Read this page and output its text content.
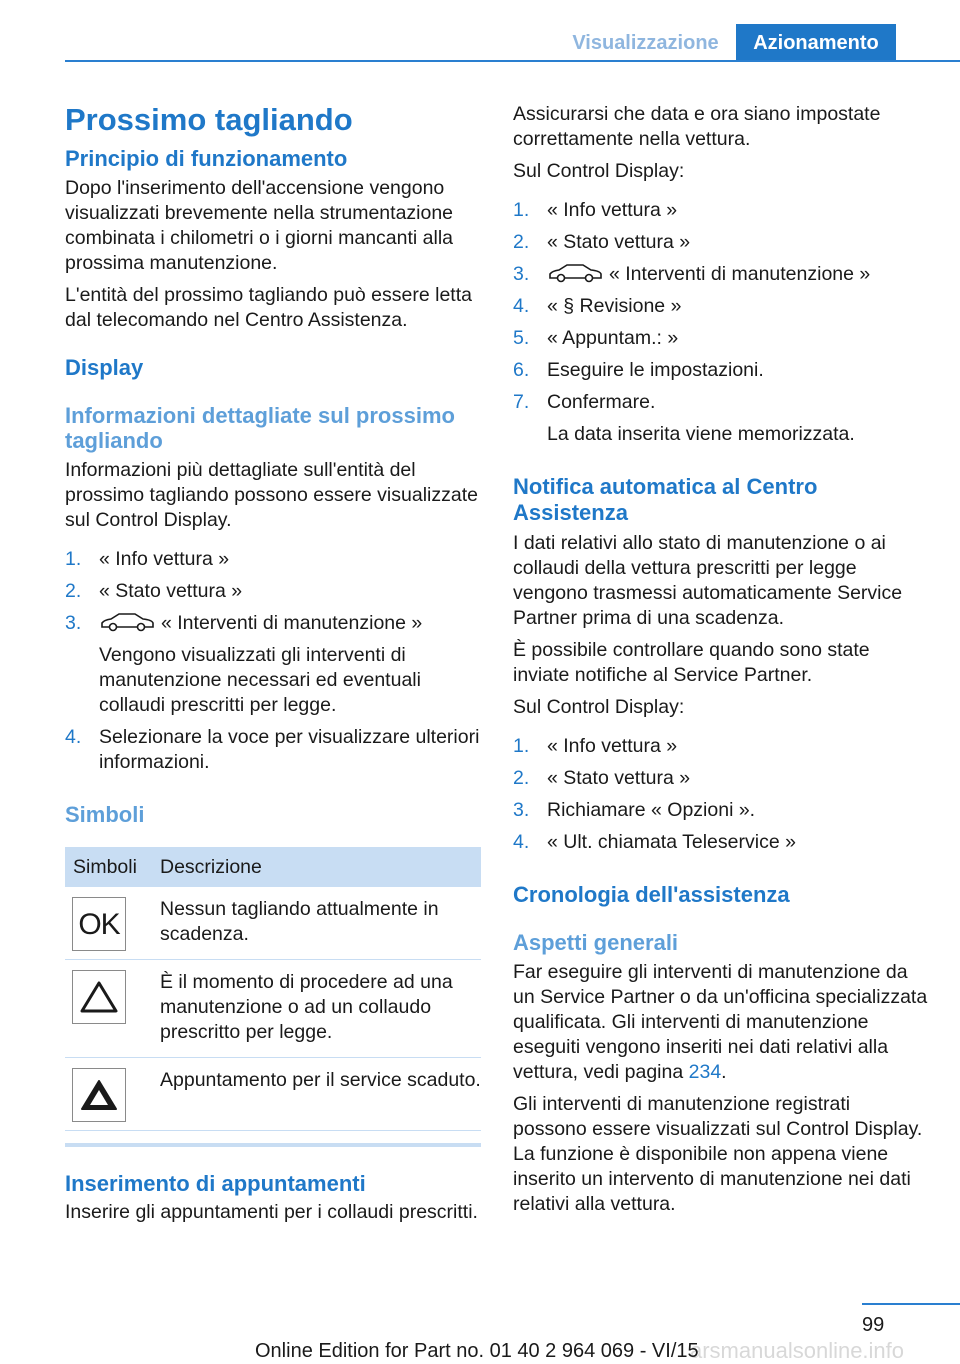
Visualizzazione	Azionamento
Prossimo tagliando
Principio di funzionamento

Dopo l'inserimento dell'accensione vengono visualizzati brevemente nella strumentazione combinata i chilometri o i giorni mancanti alla prossima manutenzione.

L'entità del prossimo tagliando può essere letta dal telecomando nel Centro Assistenza.

Display
Informazioni dettagliate sul prossimo tagliando

Informazioni più dettagliate sull'entità del prossimo tagliando possono essere visualizzate sul Control Display.

1. « Info vettura »
2. « Stato vettura »
3.	« Interventi di manutenzione »
Vengono visualizzati gli interventi di manutenzione necessari ed eventuali collaudi prescritti per legge.
4. Selezionare la voce per visualizzare ulteriori informazioni.
Simboli
Simboli	Descrizione

OK	Nessun tagliando attualmente in scadenza.

	È il momento di procedere ad una manutenzione o ad un collaudo prescritto per legge.

	Appuntamento per il service scaduto.
Inserimento di appuntamenti

Inserire gli appuntamenti per i collaudi prescritti.

Assicurarsi che data e ora siano impostate correttamente nella vettura.

Sul Control Display:

1. « Info vettura »
2. « Stato vettura »
3.	« Interventi di manutenzione »
4. « § Revisione »
5. « Appuntam.: »
6. Eseguire le impostazioni.
7. Confermare.
La data inserita viene memorizzata.
Notifica automatica al Centro Assistenza

I dati relativi allo stato di manutenzione o ai collaudi della vettura prescritti per legge vengono trasmessi automaticamente Service Partner prima di una scadenza.

È possibile controllare quando sono state inviate notifiche al Service Partner.

Sul Control Display:

1. « Info vettura »
2. « Stato vettura »
3. Richiamare « Opzioni ».
4. « Ult. chiamata Teleservice »
Cronologia dell'assistenza
Aspetti generali

Far eseguire gli interventi di manutenzione da un Service Partner o da un'officina specializzata qualificata. Gli interventi di manutenzione eseguiti vengono inseriti nei dati relativi alla vettura, vedi pagina 234.

Gli interventi di manutenzione registrati possono essere visualizzati sul Control Display. La funzione è disponibile non appena viene inserito un intervento di manutenzione nei dati relativi alla vettura.

99
arsmanualsonline.info
Online Edition for Part no. 01 40 2 964 069 - VI/15
